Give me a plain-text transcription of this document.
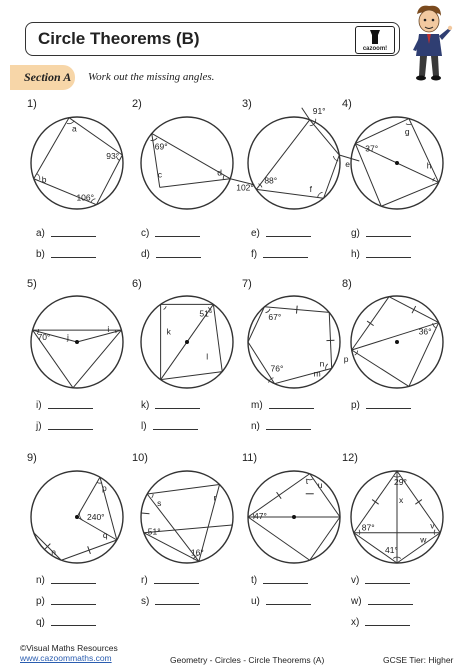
Circle Theorems (B)
cazoom!
Section A Work out the missing angles.
a
93°
b
106°
69°
c	d
102°
91°
88°
f
e
g
h
37°
70° j
i
51°
k
l
67°
76°
n
m
36°
p
p
240°
q
n
s
51°
16°
r
47°
t u	29°
87°
x
v
41°
w
1)
a)
b)
2)
c)
d)
3)
e)
f)
4)
g)
h)
5)
i)
j)
6)
k)
l)
7)
m)
n)
8)
p)
9)
n)
p)
q)
10)
r)
s)
11)
t)
u)
12)
v)
w)
x)
©Visual Maths Resources
www.cazoommaths.com	Geometry - Circles - Circle Theorems (A)	GCSE Tier: Higher
